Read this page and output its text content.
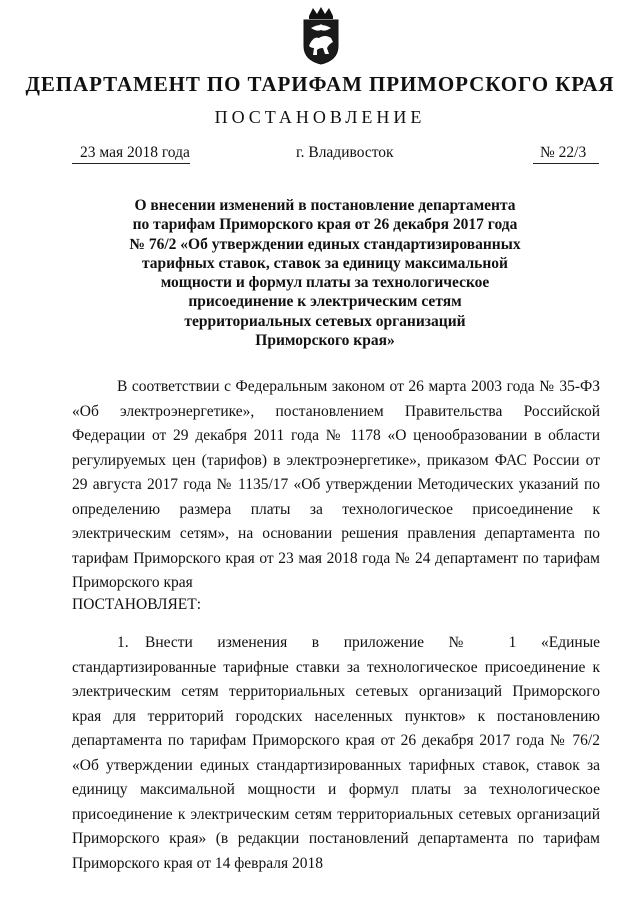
ДЕПАРТАМЕНТ ПО ТАРИФАМ ПРИМОРСКОГО КРАЯ
ПОСТАНОВЛЕНИЕ
23 мая 2018 года	г. Владивосток	№ 22/3
О внесении изменений в постановление департамента
по тарифам Приморского края от 26 декабря 2017 года
№ 76/2 «Об утверждении единых стандартизированных
тарифных ставок, ставок за единицу максимальной
мощности и формул платы за технологическое
присоединение к электрическим сетям
территориальных сетевых организаций
Приморского края»
В соответствии с Федеральным законом от 26 марта 2003 года № 35-ФЗ «Об электроэнергетике», постановлением Правительства Российской Федерации от 29 декабря 2011 года № 1178 «О ценообразовании в области регулируемых цен (тарифов) в электроэнергетике», приказом ФАС России от 29 августа 2017 года № 1135/17 «Об утверждении Методических указаний по определению размера платы за технологическое присоединение к электрическим сетям», на основании решения правления департамента по тарифам Приморского края от 23 мая 2018 года № 24 департамент по тарифам Приморского края
ПОСТАНОВЛЯЕТ:
1. Внести изменения в приложение № 1 «Единые стандартизированные тарифные ставки за технологическое присоединение к электрическим сетям территориальных сетевых организаций Приморского края для территорий городских населенных пунктов» к постановлению департамента по тарифам Приморского края от 26 декабря 2017 года № 76/2 «Об утверждении единых стандартизированных тарифных ставок, ставок за единицу максимальной мощности и формул платы за технологическое присоединение к электрическим сетям территориальных сетевых организаций Приморского края» (в редакции постановлений департамента по тарифам Приморского края от 14 февраля 2018
